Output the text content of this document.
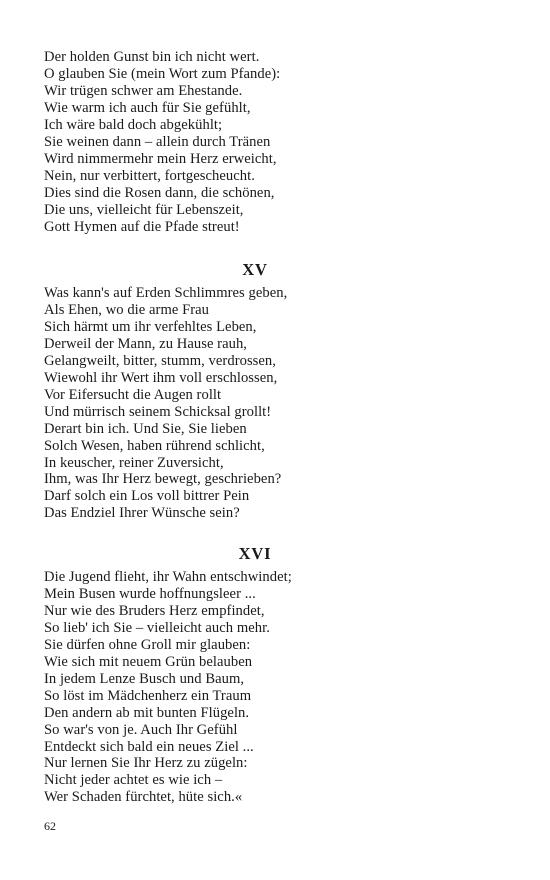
Der holden Gunst bin ich nicht wert.
O glauben Sie (mein Wort zum Pfande):
Wir trügen schwer am Ehestande.
Wie warm ich auch für Sie gefühlt,
Ich wäre bald doch abgekühlt;
Sie weinen dann – allein durch Tränen
Wird nimmermehr mein Herz erweicht,
Nein, nur verbittert, fortgescheucht.
Dies sind die Rosen dann, die schönen,
Die uns, vielleicht für Lebenszeit,
Gott Hymen auf die Pfade streut!
XV
Was kann's auf Erden Schlimmres geben,
Als Ehen, wo die arme Frau
Sich härmt um ihr verfehltes Leben,
Derweil der Mann, zu Hause rauh,
Gelangweilt, bitter, stumm, verdrossen,
Wiewohl ihr Wert ihm voll erschlossen,
Vor Eifersucht die Augen rollt
Und mürrisch seinem Schicksal grollt!
Derart bin ich. Und Sie, Sie lieben
Solch Wesen, haben rührend schlicht,
In keuscher, reiner Zuversicht,
Ihm, was Ihr Herz bewegt, geschrieben?
Darf solch ein Los voll bittrer Pein
Das Endziel Ihrer Wünsche sein?
XVI
Die Jugend flieht, ihr Wahn entschwindet;
Mein Busen wurde hoffnungsleer ...
Nur wie des Bruders Herz empfindet,
So lieb' ich Sie – vielleicht auch mehr.
Sie dürfen ohne Groll mir glauben:
Wie sich mit neuem Grün belauben
In jedem Lenze Busch und Baum,
So löst im Mädchenherz ein Traum
Den andern ab mit bunten Flügeln.
So war's von je. Auch Ihr Gefühl
Entdeckt sich bald ein neues Ziel ...
Nur lernen Sie Ihr Herz zu zügeln:
Nicht jeder achtet es wie ich –
Wer Schaden fürchtet, hüte sich.«
62
